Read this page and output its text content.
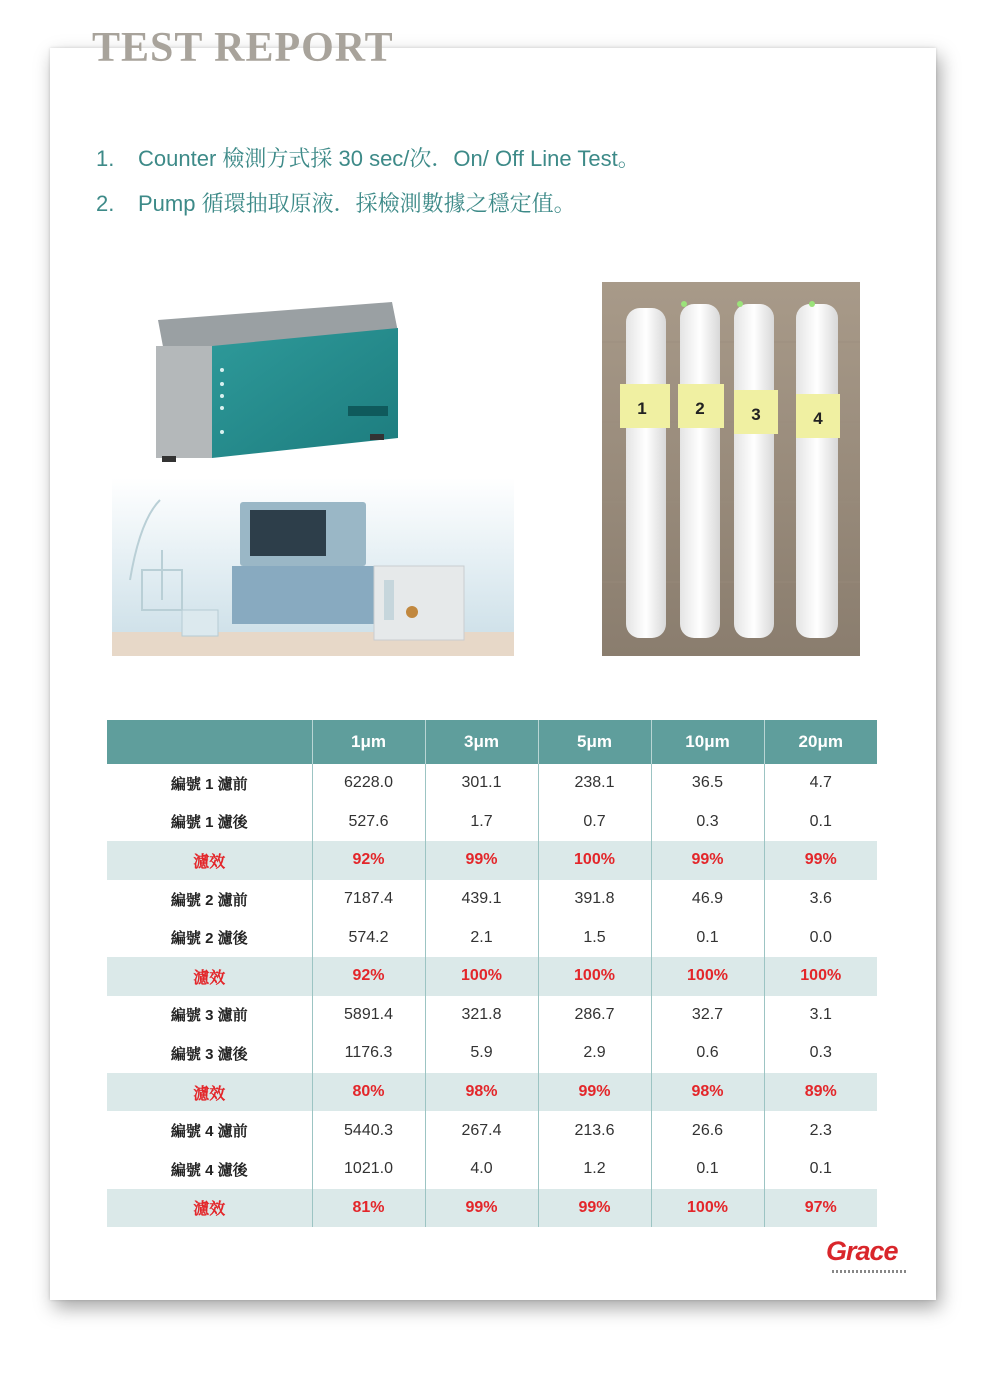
TEST REPORT
1. Counter 檢測方式採 30 sec/次．On/ Off Line Test。
2. Pump 循環抽取原液．採檢測數據之穩定值。
1	2	3	4
	1μm	3μm	5μm	10μm	20μm
編號 1 濾前	6228.0	301.1	238.1	36.5	4.7
編號 1 濾後	527.6	1.7	0.7	0.3	0.1
濾效	92%	99%	100%	99%	99%
編號 2 濾前	7187.4	439.1	391.8	46.9	3.6
編號 2 濾後	574.2	2.1	1.5	0.1	0.0
濾效	92%	100%	100%	100%	100%
編號 3 濾前	5891.4	321.8	286.7	32.7	3.1
編號 3 濾後	1176.3	5.9	2.9	0.6	0.3
濾效	80%	98%	99%	98%	89%
編號 4 濾前	5440.3	267.4	213.6	26.6	2.3
編號 4 濾後	1021.0	4.0	1.2	0.1	0.1
濾效	81%	99%	99%	100%	97%
Grace
